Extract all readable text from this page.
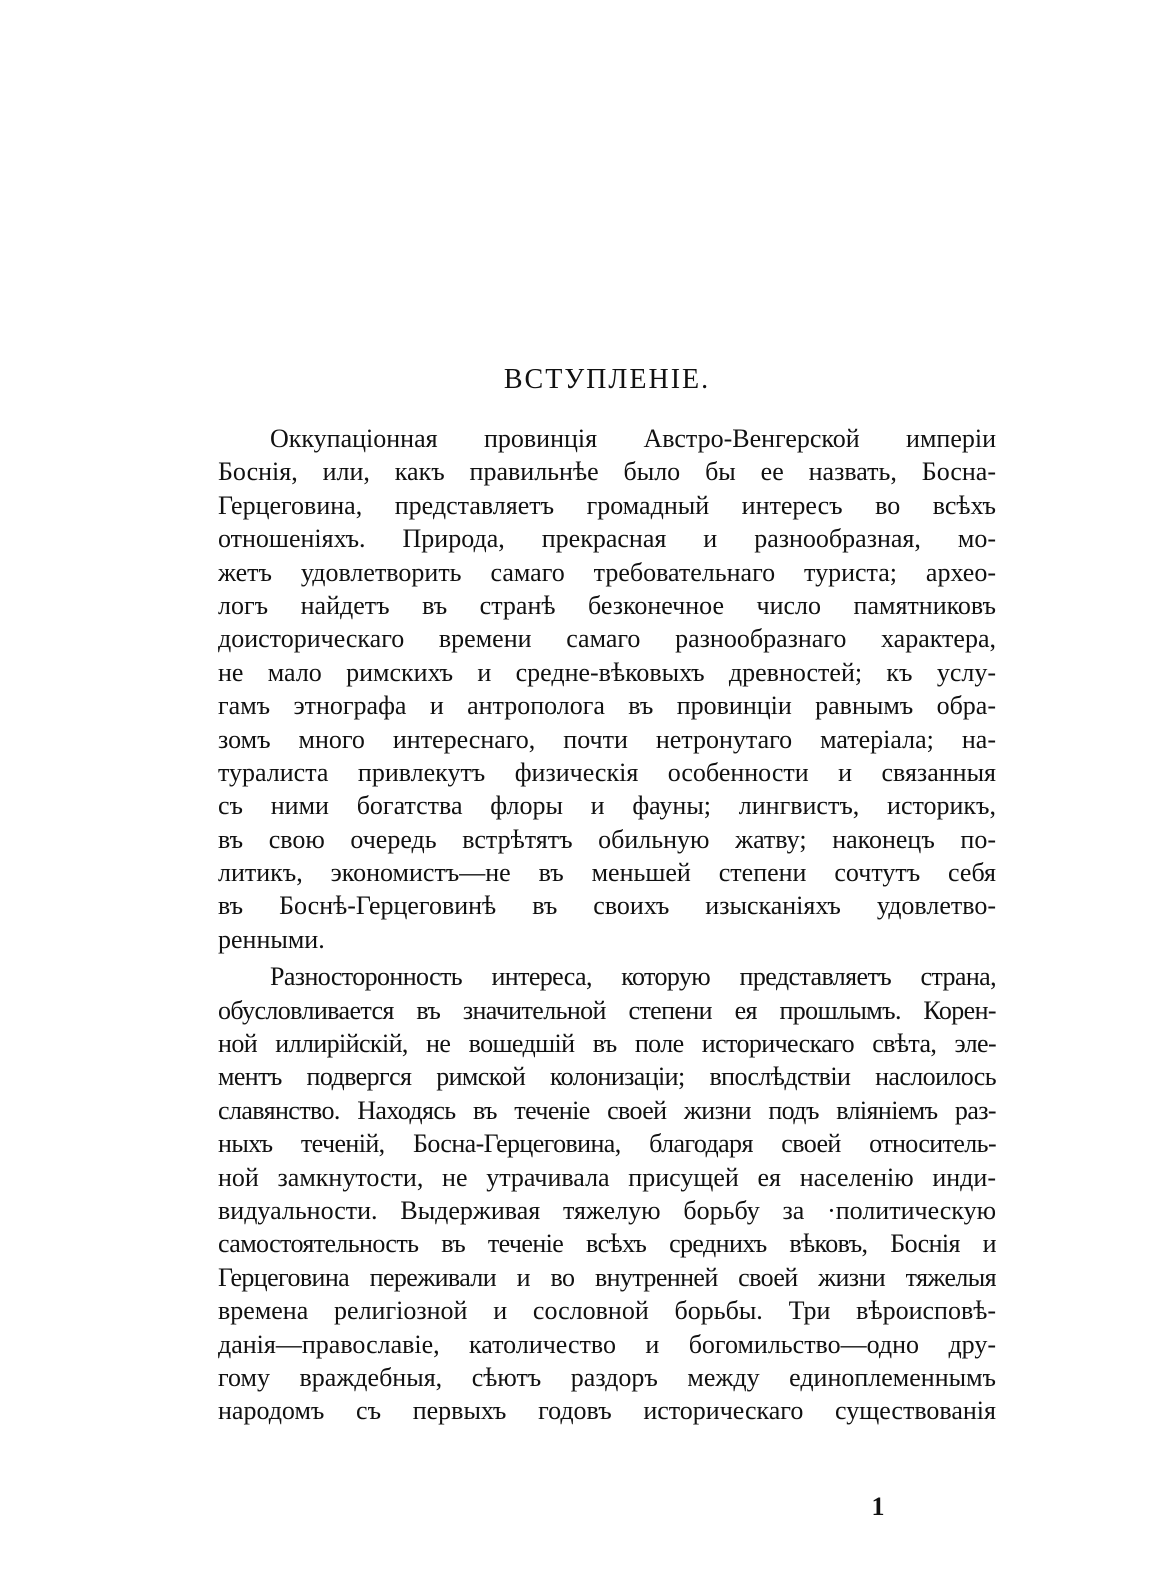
ВСТУПЛЕНІЕ.
Оккупаціонная провинція Австро-Венгерской имперіи
Боснія, или, какъ правильнѣе было бы ее назвать, Босна-
Герцеговина, представляетъ громадный интересъ во всѣхъ
отношеніяхъ. Природа, прекрасная и разнообразная, мо-
жетъ удовлетворить самаго требовательнаго туриста; архео-
логъ найдетъ въ странѣ безконечное число памятниковъ
доисторическаго времени самаго разнообразнаго характера,
не мало римскихъ и средне-вѣковыхъ древностей; къ услу-
гамъ этнографа и антрополога въ провинціи равнымъ обра-
зомъ много интереснаго, почти нетронутаго матеріала; на-
туралиста привлекутъ физическія особенности и связанныя
съ ними богатства флоры и фауны; лингвистъ, историкъ,
въ свою очередь встрѣтятъ обильную жатву; наконецъ по-
литикъ, экономистъ—не въ меньшей степени сочтутъ себя
въ Боснѣ-Герцеговинѣ въ своихъ изысканіяхъ удовлетво-
ренными.
Разносторонность интереса, которую представляетъ страна,
обусловливается въ значительной степени ея прошлымъ. Корен-
ной иллирійскій, не вошедшій въ поле историческаго свѣта, эле-
ментъ подвергся римской колонизаціи; впослѣдствіи наслоилось
славянство. Находясь въ теченіе своей жизни подъ вліяніемъ раз-
ныхъ теченій, Босна-Герцеговина, благодаря своей относитель-
ной замкнутости, не утрачивала присущей ея населенію инди-
видуальности. Выдерживая тяжелую борьбу за ·политическую
самостоятельность въ теченіе всѣхъ среднихъ вѣковъ, Боснія и
Герцеговина переживали и во внутренней своей жизни тяжелыя
времена религіозной и сословной борьбы. Три вѣроисповѣ-
данія—православіе, католичество и богомильство—одно дру-
гому враждебныя, сѣютъ раздоръ между единоплеменнымъ
народомъ съ первыхъ годовъ историческаго существованія
1
